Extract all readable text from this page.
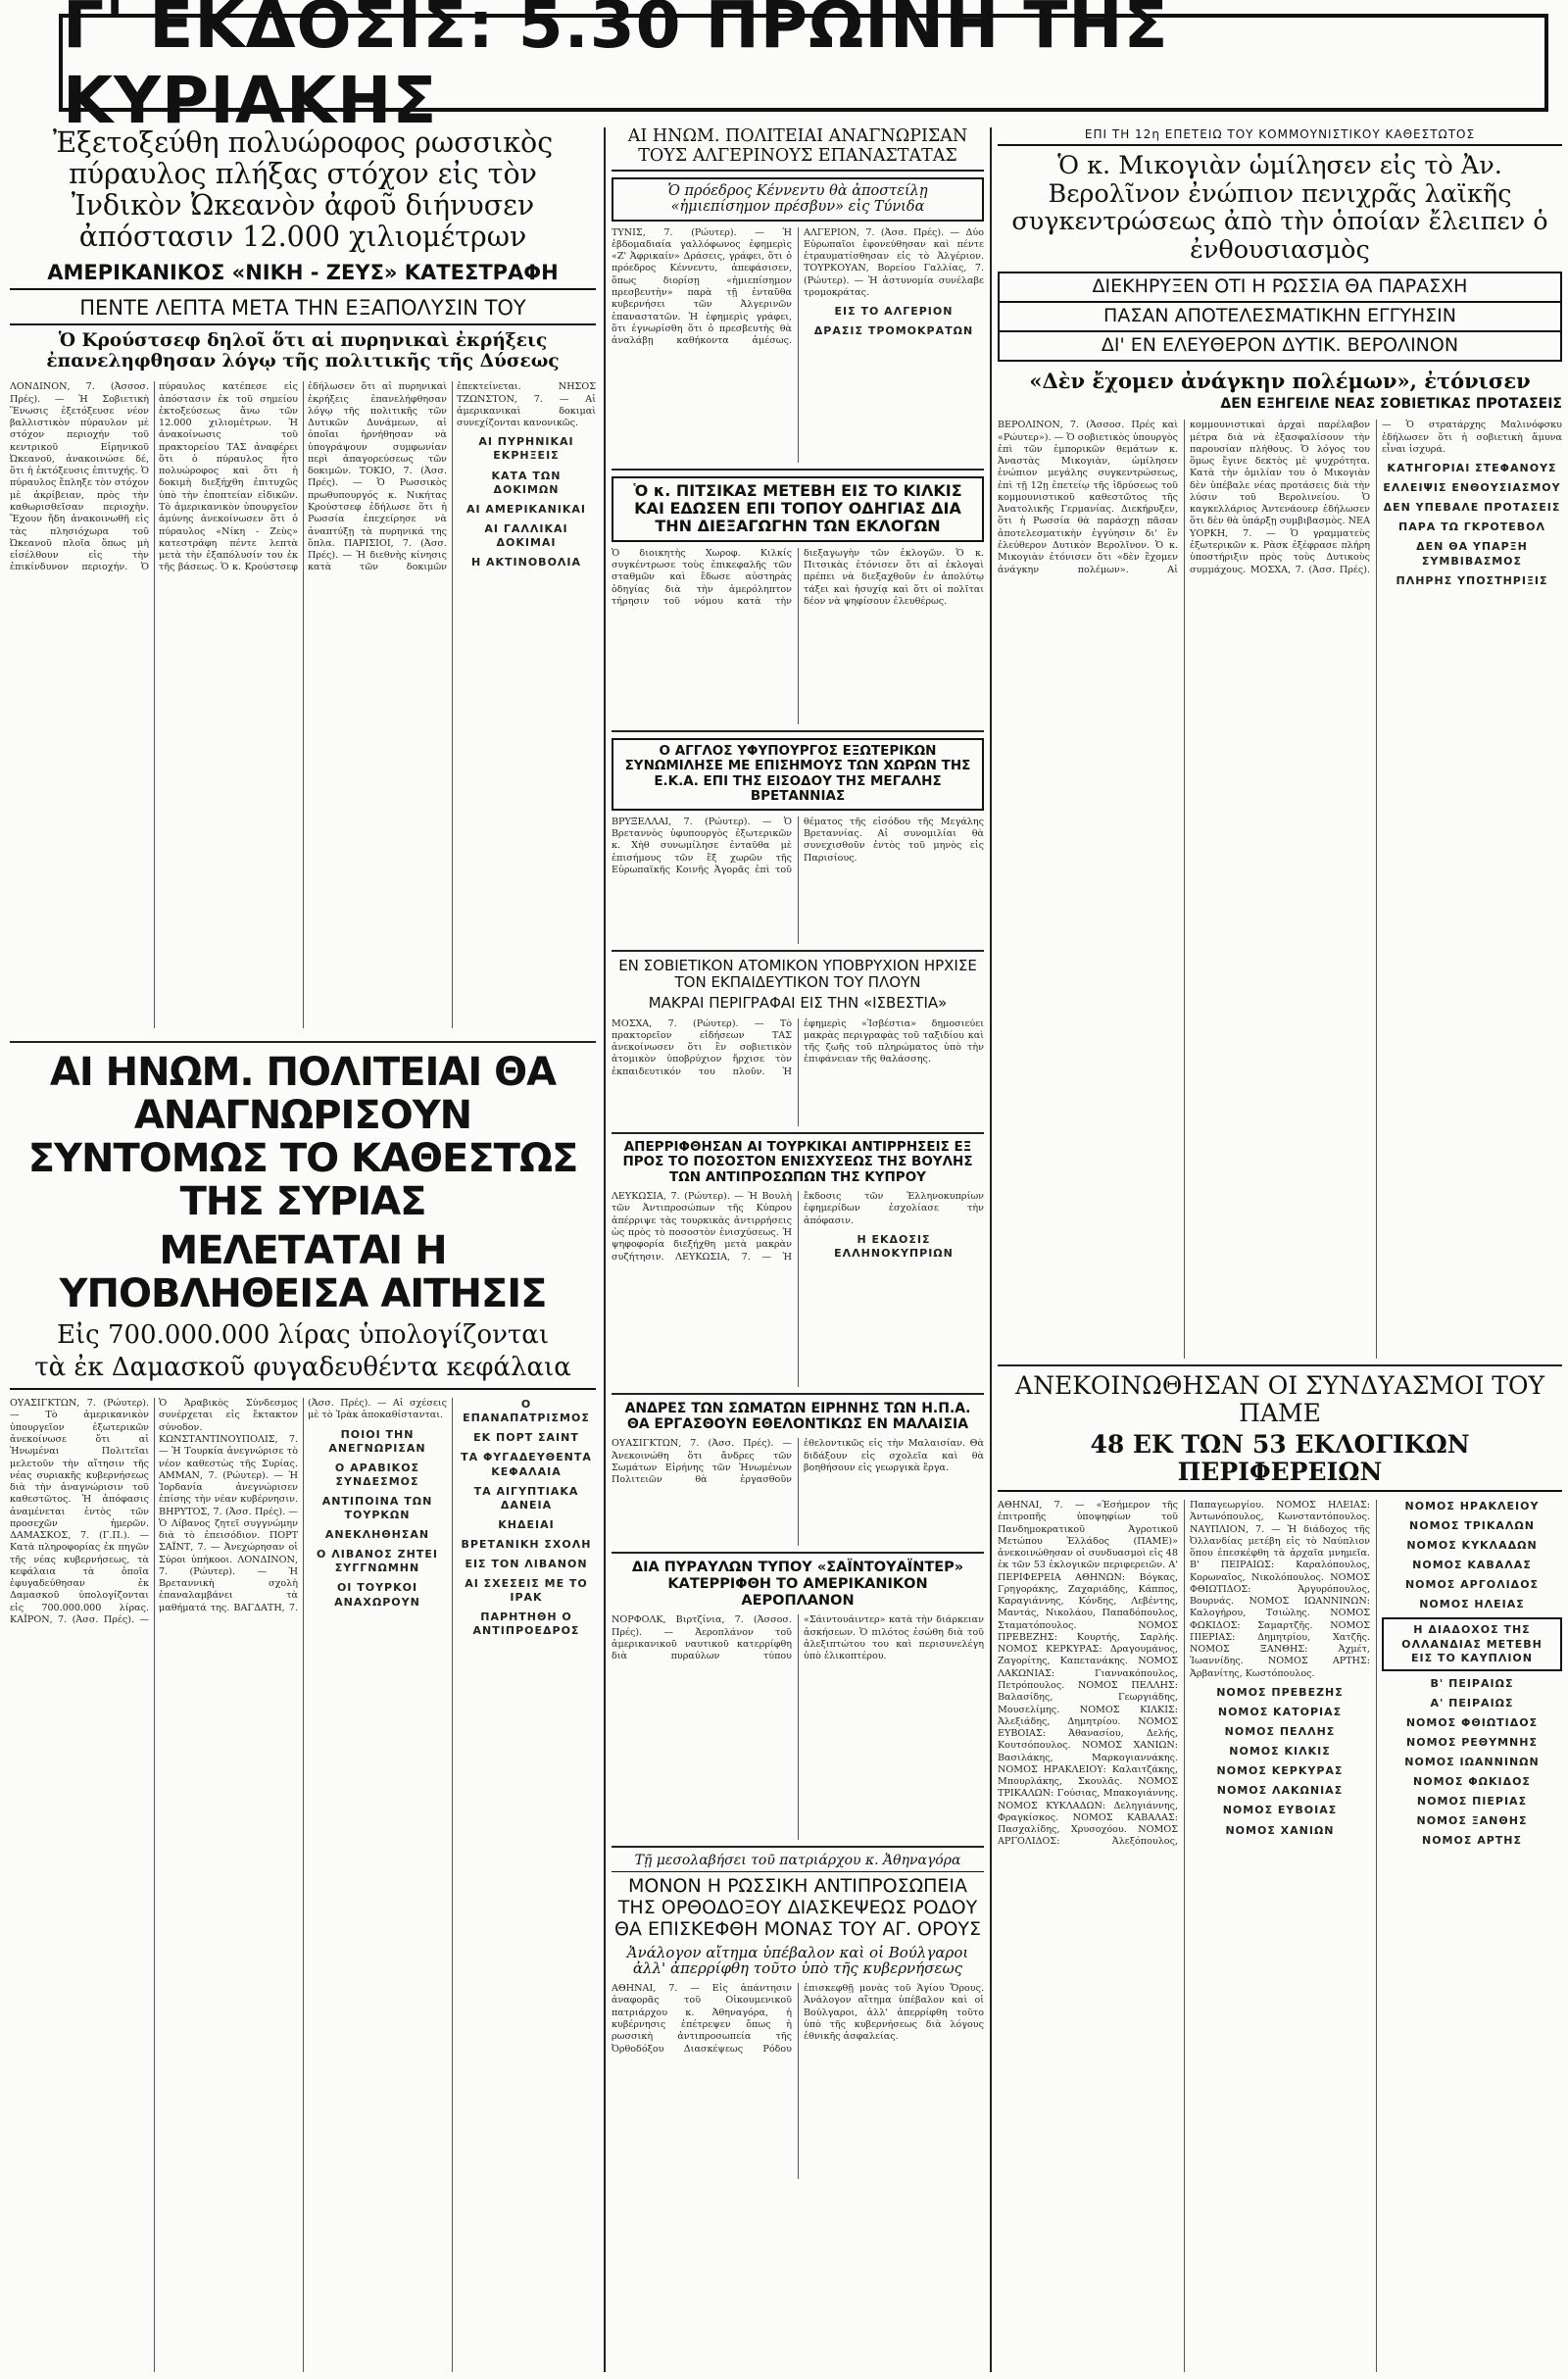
Γ' ΕΚΔΟΣΙΣ: 5.30 ΠΡΩΙΝΗ ΤΗΣ ΚΥΡΙΑΚΗΣ
Ἐξετοξεύθη πολυώροφος ρωσσικὸς πύραυλος πλήξας στόχον εἰς τὸν Ἰνδικὸν Ὠκεανὸν ἀφοῦ διήνυσεν ἀπόστασιν 12.000 χιλιομέτρων
ΑΜΕΡΙΚΑΝΙΚΟΣ «ΝΙΚΗ - ΖΕΥΣ» ΚΑΤΕΣΤΡΑΦΗ
ΠΕΝΤΕ ΛΕΠΤΑ ΜΕΤΑ ΤΗΝ ΕΞΑΠΟΛΥΣΙΝ ΤΟΥ
Ὁ Κρούστσεφ δηλοῖ ὅτι αἱ πυρηνικαὶ ἐκρήξεις ἐπανεληφθησαν λόγῳ τῆς πολιτικῆς τῆς Δύσεως

ΛΟΝΔΙΝΟΝ, 7. (Ἀσσοσ. Πρές). — Ἡ Σοβιετικὴ Ἕνωσις ἐξετόξευσε νέον βαλλιστικὸν πύραυλον μὲ στόχον περιοχήν τοῦ κεντρικοῦ Εἰρηνικοῦ Ὠκεανοῦ, ἀνακοινώσε δέ, ὅτι ἡ ἐκτόξευσις ἐπιτυχής. Ὁ πύραυλος ἔπληξε τὸν στόχον μὲ ἀκρίβειαν, πρὸς τὴν καθωρισθεῖσαν περιοχὴν. Ἔχουν ἤδη ἀνακοινωθῆ εἰς τὰς πλησιόχωρα τοῦ Ὠκεανοῦ πλοῖα ὅπως μὴ εἰσέλθουν εἰς τὴν ἐπικίνδυνον περιοχήν. Ὁ πύραυλος κατέπεσε εἰς ἀπόστασιν ἐκ τοῦ σημείου ἐκτοξεύσεως ἄνω τῶν 12.000 χιλιομέτρων. Ἡ ἀνακοίνωσις τοῦ πρακτορείου ΤΑΣ ἀναφέρει ὅτι ὁ πύραυλος ἦτο πολυώροφος καὶ ὅτι ἡ δοκιμὴ διεξήχθη ἐπιτυχῶς ὑπὸ τὴν ἐποπτείαν εἰδικῶν. Τὸ ἀμερικανικὸν ὑπουργεῖον ἀμύνης ἀνεκοίνωσεν ὅτι ὁ πύραυλος «Νίκη - Ζεὺς» κατεστράφη πέντε λεπτὰ μετὰ τὴν ἐξαπόλυσίν του ἐκ τῆς βάσεως. Ὁ κ. Κρούστσεφ ἐδήλωσεν ὅτι αἱ πυρηνικαὶ ἐκρήξεις ἐπανελήφθησαν λόγῳ τῆς πολιτικῆς τῶν Δυτικῶν Δυνάμεων, αἱ ὁποῖαι ἠρνήθησαν νὰ ὑπογράψουν συμφωνίαν περὶ ἀπαγορεύσεως τῶν δοκιμῶν. ΤΟΚΙΟ, 7. (Ἀσσ. Πρές). — Ὁ Ρωσσικὸς πρωθυπουργός κ. Νικήτας Κρούστσεφ ἐδήλωσε ὅτι ἡ Ρωσσία ἐπεχείρησε νὰ ἀναπτύξῃ τὰ πυρηνικά της ὅπλα. ΠΑΡΙΣΙΟΙ, 7. (Ἀσσ. Πρές). — Ἡ διεθνὴς κίνησις κατὰ τῶν δοκιμῶν ἐπεκτείνεται. ΝΗΣΟΣ ΤΖΩΝΣΤΟΝ, 7. — Αἱ ἀμερικανικαὶ δοκιμαὶ συνεχίζονται κανονικῶς.

ΑΙ ΠΥΡΗΝΙΚΑΙ ΕΚΡΗΞΕΙΣ
ΚΑΤΑ ΤΩΝ ΔΟΚΙΜΩΝ
ΑΙ ΑΜΕΡΙΚΑΝΙΚΑΙ
ΑΙ ΓΑΛΛΙΚΑΙ ΔΟΚΙΜΑΙ
Η ΑΚΤΙΝΟΒΟΛΙΑ
ΑΙ ΗΝΩΜ. ΠΟΛΙΤΕΙΑΙ ΘΑ ΑΝΑΓΝΩΡΙΣΟΥΝ ΣΥΝΤΟΜΩΣ ΤΟ ΚΑΘΕΣΤΩΣ ΤΗΣ ΣΥΡΙΑΣ
ΜΕΛΕΤΑΤΑΙ Η ΥΠΟΒΛΗΘΕΙΣΑ ΑΙΤΗΣΙΣ
Εἰς 700.000.000 λίρας ὑπολογίζονται
τὰ ἐκ Δαμασκοῦ φυγαδευθέντα κεφάλαια

ΟΥΑΣΙΓΚΤΩΝ, 7. (Ρώυτερ). — Τὸ ἀμερικανικὸν ὑπουργεῖον ἐξωτερικῶν ἀνεκοίνωσε ὅτι αἱ Ἡνωμέναι Πολιτεῖαι μελετοῦν τὴν αἴτησιν τῆς νέας συριακῆς κυβερνήσεως διὰ τὴν ἀναγνώρισιν τοῦ καθεστῶτος. Ἡ ἀπόφασις ἀναμένεται ἐντὸς τῶν προσεχῶν ἡμερῶν. ΔΑΜΑΣΚΟΣ, 7. (Γ.Π.). — Κατὰ πληροφορίας ἐκ πηγῶν τῆς νέας κυβερνήσεως, τὰ κεφάλαια τὰ ὁποῖα ἐφυγαδεύθησαν ἐκ Δαμασκοῦ ὑπολογίζονται εἰς 700.000.000 λίρας. ΚΑΪΡΟΝ, 7. (Ἀσσ. Πρές). — Ὁ Ἀραβικὸς Σύνδεσμος συνέρχεται εἰς ἔκτακτον σύνοδον. ΚΩΝΣΤΑΝΤΙΝΟΥΠΟΛΙΣ, 7. — Ἡ Τουρκία ἀνεγνώρισε τὸ νέον καθεστὼς τῆς Συρίας. ΑΜΜΑΝ, 7. (Ρώυτερ). — Ἡ Ἰορδανία ἀνεγνώρισεν ἐπίσης τὴν νέαν κυβέρνησιν. ΒΗΡΥΤΟΣ, 7. (Ἀσσ. Πρές). — Ὁ Λίβανος ζητεῖ συγγνώμην διὰ τὸ ἐπεισόδιον. ΠΟΡΤ ΣΑΪΝΤ, 7. — Ἀνεχώρησαν οἱ Σύροι ὑπήκοοι. ΛΟΝΔΙΝΟΝ, 7. (Ρώυτερ). — Ἡ Βρεταννικὴ σχολὴ ἐπαναλαμβάνει τὰ μαθήματά της. ΒΑΓΔΑΤΗ, 7. (Ἀσσ. Πρές). — Αἱ σχέσεις μὲ τὸ Ἰρὰκ ἀποκαθίστανται.

ΠΟΙΟΙ ΤΗΝ ΑΝΕΓΝΩΡΙΣΑΝ
Ο ΑΡΑΒΙΚΟΣ ΣΥΝΔΕΣΜΟΣ
ΑΝΤΙΠΟΙΝΑ ΤΩΝ ΤΟΥΡΚΩΝ
ΑΝΕΚΛΗΘΗΣΑΝ
Ο ΛΙΒΑΝΟΣ ΖΗΤΕΙ ΣΥΓΓΝΩΜΗΝ
ΟΙ ΤΟΥΡΚΟΙ ΑΝΑΧΩΡΟΥΝ
Ο ΕΠΑΝΑΠΑΤΡΙΣΜΟΣ
ΕΚ ΠΟΡΤ ΣΑΙΝΤ
ΤΑ ΦΥΓΑΔΕΥΘΕΝΤΑ ΚΕΦΑΛΑΙΑ
ΤΑ ΑΙΓΥΠΤΙΑΚΑ ΔΑΝΕΙΑ
ΚΗΔΕΙΑΙ
ΒΡΕΤΑΝΙΚΗ ΣΧΟΛΗ
ΕΙΣ ΤΟΝ ΛΙΒΑΝΟΝ
ΑΙ ΣΧΕΣΕΙΣ ΜΕ ΤΟ ΙΡΑΚ
ΠΑΡΗΤΗΘΗ Ο ΑΝΤΙΠΡΟΕΔΡΟΣ
ΑΙ ΗΝΩΜ. ΠΟΛΙΤΕΙΑΙ ΑΝΑΓΝΩΡΙΣΑΝ ΤΟΥΣ ΑΛΓΕΡΙΝΟΥΣ ΕΠΑΝΑΣΤΑΤΑΣ
Ὁ πρόεδρος Κέννεντυ θὰ ἀποστείλῃ «ἡμιεπίσημον πρέσβυν» εἰς Τύνιδα

ΤΥΝΙΣ, 7. (Ρώυτερ). — Ἡ ἑβδομαδιαία γαλλόφωνος ἐφημερὶς «Ζ' Ἀφρικαίν» Δράσεις, γράφει, ὅτι ὁ πρόεδρος Κέννεντυ, ἀπεφάσισεν, ὅπως διορίσῃ «ἡμιεπίσημον πρεσβευτὴν» παρὰ τῇ ἐνταῦθα κυβερνήσει τῶν Ἀλγερινῶν ἐπαναστατῶν. Ἡ ἐφημερὶς γράφει, ὅτι ἐγνωρίσθη ὅτι ὁ πρεσβευτὴς θὰ ἀναλάβῃ καθήκοντα ἀμέσως. ΑΛΓΕΡΙΟΝ, 7. (Ἀσσ. Πρές). — Δύο Εὐρωπαῖοι ἐφονεύθησαν καὶ πέντε ἐτραυματίσθησαν εἰς τὸ Ἀλγέριον. ΤΟΥΡΚΟΥΑΝ, Βορείου Γαλλίας, 7. (Ρώυτερ). — Ἡ ἀστυνομία συνέλαβε τρομοκράτας.

ΕΙΣ ΤΟ ΑΛΓΕΡΙΟΝ
ΔΡΑΣΙΣ ΤΡΟΜΟΚΡΑΤΩΝ
Ὁ κ. ΠΙΤΣΙΚΑΣ ΜΕΤΕΒΗ ΕΙΣ ΤΟ ΚΙΛΚΙΣ ΚΑΙ ΕΔΩΣΕΝ ΕΠΙ ΤΟΠΟΥ ΟΔΗΓΙΑΣ ΔΙΑ ΤΗΝ ΔΙΕΞΑΓΩΓΗΝ ΤΩΝ ΕΚΛΟΓΩΝ

Ὁ διοικητὴς Χωροφ. Κιλκίς συγκέντρωσε τοὺς ἐπικεφαλῆς τῶν σταθμῶν καὶ ἔδωσε αὐστηρὰς ὁδηγίας διὰ τὴν ἀμερόληπτον τήρησιν τοῦ νόμου κατὰ τὴν διεξαγωγὴν τῶν ἐκλογῶν. Ὁ κ. Πιτσικὰς ἐτόνισεν ὅτι αἱ ἐκλογαὶ πρέπει νὰ διεξαχθοῦν ἐν ἀπολύτῳ τάξει καὶ ἡσυχίᾳ καὶ ὅτι οἱ πολῖται δέον νὰ ψηφίσουν ἐλευθέρως.

Ο ΑΓΓΛΟΣ ΥΦΥΠΟΥΡΓΟΣ ΕΞΩΤΕΡΙΚΩΝ ΣΥΝΩΜΙΛΗΣΕ ΜΕ ΕΠΙΣΗΜΟΥΣ ΤΩΝ ΧΩΡΩΝ ΤΗΣ Ε.Κ.Α. ΕΠΙ ΤΗΣ ΕΙΣΟΔΟΥ ΤΗΣ ΜΕΓΑΛΗΣ ΒΡΕΤΑΝΝΙΑΣ

ΒΡΥΞΕΛΛΑΙ, 7. (Ρώυτερ). — Ὁ Βρεταννὸς ὑφυπουργὸς ἐξωτερικῶν κ. Χὴθ συνωμίλησε ἐνταῦθα μὲ ἐπισήμους τῶν ἕξ χωρῶν τῆς Εὐρωπαϊκῆς Κοινῆς Ἀγορᾶς ἐπὶ τοῦ θέματος τῆς εἰσόδου τῆς Μεγάλης Βρεταννίας. Αἱ συνομιλίαι θὰ συνεχισθοῦν ἐντὸς τοῦ μηνὸς εἰς Παρισίους.

ΕΝ ΣΟΒΙΕΤΙΚΟΝ ΑΤΟΜΙΚΟΝ ΥΠΟΒΡΥΧΙΟΝ ΗΡΧΙΣΕ ΤΟΝ ΕΚΠΑΙΔΕΥΤΙΚΟΝ ΤΟΥ ΠΛΟΥΝ
ΜΑΚΡΑΙ ΠΕΡΙΓΡΑΦΑΙ ΕΙΣ ΤΗΝ «ΙΣΒΕΣΤΙΑ»

ΜΟΣΧΑ, 7. (Ρώυτερ). — Τὸ πρακτορεῖον εἰδήσεων ΤΑΣ ἀνεκοίνωσεν ὅτι ἓν σοβιετικὸν ἀτομικὸν ὑποβρύχιον ἤρχισε τὸν ἐκπαιδευτικόν του πλοῦν. Ἡ ἐφημερὶς «Ἰσβέστια» δημοσιεύει μακρὰς περιγραφὰς τοῦ ταξιδίου καὶ τῆς ζωῆς τοῦ πληρώματος ὑπὸ τὴν ἐπιφάνειαν τῆς θαλάσσης.

ΑΠΕΡΡΙΦΘΗΣΑΝ ΑΙ ΤΟΥΡΚΙΚΑΙ ΑΝΤΙΡΡΗΣΕΙΣ ΕΞ ΠΡΟΣ ΤΟ ΠΟΣΟΣΤΟΝ ΕΝΙΣΧΥΣΕΩΣ ΤΗΣ ΒΟΥΛΗΣ ΤΩΝ ΑΝΤΙΠΡΟΣΩΠΩΝ ΤΗΣ ΚΥΠΡΟΥ

ΛΕΥΚΩΣΙΑ, 7. (Ρώυτερ). — Ἡ Βουλὴ τῶν Ἀντιπροσώπων τῆς Κύπρου ἀπέρριψε τὰς τουρκικὰς ἀντιρρήσεις ὡς πρὸς τὸ ποσοστὸν ἐνισχύσεως. Ἡ ψηφοφορία διεξήχθη μετὰ μακρὰν συζήτησιν. ΛΕΥΚΩΣΙΑ, 7. — Ἡ ἔκδοσις τῶν Ἑλληνοκυπρίων ἐφημερίδων ἐσχολίασε τὴν ἀπόφασιν.

Η ΕΚΔΟΣΙΣ ΕΛΛΗΝΟΚΥΠΡΙΩΝ
ΑΝΔΡΕΣ ΤΩΝ ΣΩΜΑΤΩΝ ΕΙΡΗΝΗΣ ΤΩΝ Η.Π.Α. ΘΑ ΕΡΓΑΣΘΟΥΝ ΕΘΕΛΟΝΤΙΚΩΣ ΕΝ ΜΑΛΑΙΣΙΑ

ΟΥΑΣΙΓΚΤΩΝ, 7. (Ἀσσ. Πρές). — Ἀνεκοινώθη ὅτι ἄνδρες τῶν Σωμάτων Εἰρήνης τῶν Ἡνωμένων Πολιτειῶν θὰ ἐργασθοῦν ἐθελοντικῶς εἰς τὴν Μαλαισίαν. Θὰ διδάξουν εἰς σχολεῖα καὶ θὰ βοηθήσουν εἰς γεωργικὰ ἔργα.

ΔΙΑ ΠΥΡΑΥΛΩΝ ΤΥΠΟΥ «ΣΑΪΝΤΟΥΑΪΝΤΕΡ» ΚΑΤΕΡΡΙΦΘΗ ΤΟ ΑΜΕΡΙΚΑΝΙΚΟΝ ΑΕΡΟΠΛΑΝΟΝ

ΝΟΡΦΟΛΚ, Βιρτζίνια, 7. (Ἀσσοσ. Πρές). — Ἀεροπλάνον τοῦ ἀμερικανικοῦ ναυτικοῦ κατερρίφθη διὰ πυραύλων τύπου «Σάιντουάιντερ» κατὰ τὴν διάρκειαν ἀσκήσεων. Ὁ πιλότος ἐσώθη διὰ τοῦ ἀλεξιπτώτου του καὶ περισυνελέγη ὑπὸ ἑλικοπτέρου.

Τῇ μεσολαβήσει τοῦ πατριάρχου κ. Ἀθηναγόρα
ΜΟΝΟΝ Η ΡΩΣΣΙΚΗ ΑΝΤΙΠΡΟΣΩΠΕΙΑ ΤΗΣ ΟΡΘΟΔΟΞΟΥ ΔΙΑΣΚΕΨΕΩΣ ΡΟΔΟΥ ΘΑ ΕΠΙΣΚΕΦΘΗ ΜΟΝΑΣ ΤΟΥ ΑΓ. ΟΡΟΥΣ
Ἀνάλογον αἴτημα ὑπέβαλον καὶ οἱ Βούλγαροι ἀλλ' ἀπερρίφθη τοῦτο ὑπὸ τῆς κυβερνήσεως

ΑΘΗΝΑΙ, 7. — Εἰς ἀπάντησιν ἀναφορᾶς τοῦ Οἰκουμενικοῦ πατριάρχου κ. Ἀθηναγόρα, ἡ κυβέρνησις ἐπέτρεψεν ὅπως ἡ ρωσσικὴ ἀντιπροσωπεία τῆς Ὀρθοδόξου Διασκέψεως Ρόδου ἐπισκεφθῇ μονὰς τοῦ Ἁγίου Ὄρους. Ἀνάλογον αἴτημα ὑπέβαλον καὶ οἱ Βούλγαροι, ἀλλ' ἀπερρίφθη τοῦτο ὑπὸ τῆς κυβερνήσεως διὰ λόγους ἐθνικῆς ἀσφαλείας.

ΕΠΙ ΤΗ 12η ΕΠΕΤΕΙΩ ΤΟΥ ΚΟΜΜΟΥΝΙΣΤΙΚΟΥ ΚΑΘΕΣΤΩΤΟΣ
Ὁ κ. Μικογιὰν ὡμίλησεν εἰς τὸ Ἀν. Βερολῖνον ἐνώπιον πενιχρᾶς λαϊκῆς συγκεντρώσεως ἀπὸ τὴν ὁποίαν ἔλειπεν ὁ ἐνθουσιασμὸς
ΔΙΕΚΗΡΥΞΕΝ ΟΤΙ Η ΡΩΣΣΙΑ ΘΑ ΠΑΡΑΣΧΗ
ΠΑΣΑΝ ΑΠΟΤΕΛΕΣΜΑΤΙΚΗΝ ΕΓΓΥΗΣΙΝ
ΔΙ' ΕΝ ΕΛΕΥΘΕΡΟΝ ΔΥΤΙΚ. ΒΕΡΟΛΙΝΟΝ
«Δὲν ἔχομεν ἀνάγκην πολέμων», ἐτόνισεν
ΔΕΝ ΕΞΗΓΕΙΛΕ ΝΕΑΣ ΣΟΒΙΕΤΙΚΑΣ ΠΡΟΤΑΣΕΙΣ

ΒΕΡΟΛΙΝΟΝ, 7. (Ἀσσοσ. Πρές καὶ «Ρώυτερ»). — Ὁ σοβιετικὸς ὑπουργὸς ἐπὶ τῶν ἐμπορικῶν θεμάτων κ. Ἀναστὰς Μικογιὰν, ὡμίλησεν ἐνώπιον μεγάλης συγκεντρώσεως, ἐπὶ τῇ 12ῃ ἐπετείῳ τῆς ἱδρύσεως τοῦ κομμουνιστικοῦ καθεστῶτος τῆς Ἀνατολικῆς Γερμανίας. Διεκήρυξεν, ὅτι ἡ Ρωσσία θὰ παράσχῃ πᾶσαν ἀποτελεσματικὴν ἐγγύησιν δι' ἓν ἐλεύθερον Δυτικὸν Βερολῖνον. Ὁ κ. Μικογιὰν ἐτόνισεν ὅτι «δὲν ἔχομεν ἀνάγκην πολέμων». Αἱ κομμουνιστικαὶ ἀρχαὶ παρέλαβον μέτρα διὰ νὰ ἐξασφαλίσουν τὴν παρουσίαν πλήθους. Ὁ λόγος του ὅμως ἔγινε δεκτὸς μὲ ψυχρότητα. Κατὰ τὴν ὁμιλίαν του ὁ Μικογιὰν δὲν ὑπέβαλε νέας προτάσεις διὰ τὴν λύσιν τοῦ Βερολινείου. Ὁ καγκελλάριος Ἀντενάουερ ἐδήλωσεν ὅτι δὲν θὰ ὑπάρξῃ συμβιβασμὸς. ΝΕΑ ΥΟΡΚΗ, 7. — Ὁ γραμματεὺς ἐξωτερικῶν κ. Ρὰσκ ἐξέφρασε πλήρη ὑποστήριξιν πρὸς τοὺς Δυτικοὺς συμμάχους. ΜΟΣΧΑ, 7. (Ἀσσ. Πρές). — Ὁ στρατάρχης Μαλινόφσκυ ἐδήλωσεν ὅτι ἡ σοβιετικὴ ἄμυνα εἶναι ἰσχυρά.

ΚΑΤΗΓΟΡΙΑΙ ΣΤΕΦΑΝΟΥΣ
ΕΛΛΕΙΨΙΣ ΕΝΘΟΥΣΙΑΣΜΟΥ
ΔΕΝ ΥΠΕΒΑΛΕ ΠΡΟΤΑΣΕΙΣ
ΠΑΡΑ ΤΩ ΓΚΡΟΤΕΒΟΛ
ΔΕΝ ΘΑ ΥΠΑΡΞΗ ΣΥΜΒΙΒΑΣΜΟΣ
ΠΛΗΡΗΣ ΥΠΟΣΤΗΡΙΞΙΣ
ΑΝΕΚΟΙΝΩΘΗΣΑΝ ΟΙ ΣΥΝΔΥΑΣΜΟΙ ΤΟΥ ΠΑΜΕ
48 ΕΚ ΤΩΝ 53 ΕΚΛΟΓΙΚΩΝ ΠΕΡΙΦΕΡΕΙΩΝ

ΑΘΗΝΑΙ, 7. — «Ἐσήμερον τῆς ἐπιτροπῆς ὑποψηφίων τοῦ Πανδημοκρατικοῦ Ἀγροτικοῦ Μετώπου Ἑλλάδος (ΠΑΜΕ)» ἀνεκοινώθησαν οἱ συνδυασμοὶ εἰς 48 ἐκ τῶν 53 ἐκλογικῶν περιφερειῶν. Α' ΠΕΡΙΦΕΡΕΙΑ ΑΘΗΝΩΝ: Βόγκας, Γρηγοράκης, Ζαχαριάδης, Κάππος, Καραγιάννης, Κόνδης, Λεβέντης, Μαντάς, Νικολάου, Παπαδόπουλος, Σταματόπουλος. ΝΟΜΟΣ ΠΡΕΒΕΖΗΣ: Κουρτής, Σαρλής. ΝΟΜΟΣ ΚΕΡΚΥΡΑΣ: Δραγουμάνος, Ζαγορίτης, Καπετανάκης. ΝΟΜΟΣ ΛΑΚΩΝΙΑΣ: Γιαννακόπουλος, Πετρόπουλος. ΝΟΜΟΣ ΠΕΛΛΗΣ: Βαλασίδης, Γεωργιάδης, Μουσελίμης. ΝΟΜΟΣ ΚΙΛΚΙΣ: Ἀλεξιάδης, Δημητρίου. ΝΟΜΟΣ ΕΥΒΟΙΑΣ: Ἀθανασίου, Δελής, Κουτσόπουλος. ΝΟΜΟΣ ΧΑΝΙΩΝ: Βασιλάκης, Μαρκογιαννάκης. ΝΟΜΟΣ ΗΡΑΚΛΕΙΟΥ: Καλαιτζάκης, Μπουρλάκης, Σκουλᾶς. ΝΟΜΟΣ ΤΡΙΚΑΛΩΝ: Γούσιας, Μπακογιάννης. ΝΟΜΟΣ ΚΥΚΛΑΔΩΝ: Δεληγιάννης, Φραγκίσκος. ΝΟΜΟΣ ΚΑΒΑΛΑΣ: Πασχαλίδης, Χρυσοχόου. ΝΟΜΟΣ ΑΡΓΟΛΙΔΟΣ: Ἀλεξόπουλος, Παπαγεωργίου. ΝΟΜΟΣ ΗΛΕΙΑΣ: Ἀντωνόπουλος, Κωνσταντόπουλος. ΝΑΥΠΛΙΟΝ, 7. — Ἡ διάδοχος τῆς Ὀλλανδίας μετέβη εἰς τὸ Ναύπλιον ὅπου ἐπεσκέφθη τὰ ἀρχαῖα μνημεῖα. Β' ΠΕΙΡΑΙΩΣ: Καραλόπουλος, Κορωναῖος, Νικολόπουλος. ΝΟΜΟΣ ΦΘΙΩΤΙΔΟΣ: Ἀργυρόπουλος, Βουρνάς. ΝΟΜΟΣ ΙΩΑΝΝΙΝΩΝ: Καλογήρου, Τσιώλης. ΝΟΜΟΣ ΦΩΚΙΔΟΣ: Σαμαρτζῆς. ΝΟΜΟΣ ΠΙΕΡΙΑΣ: Δημητρίου, Χατζῆς. ΝΟΜΟΣ ΞΑΝΘΗΣ: Ἀχμέτ, Ἰωαννίδης. ΝΟΜΟΣ ΑΡΤΗΣ: Ἀρβανίτης, Κωστόπουλος.

ΝΟΜΟΣ ΠΡΕΒΕΖΗΣ
ΝΟΜΟΣ ΚΑΤΟΡΙΑΣ
ΝΟΜΟΣ ΠΕΛΛΗΣ
ΝΟΜΟΣ ΚΙΛΚΙΣ
ΝΟΜΟΣ ΚΕΡΚΥΡΑΣ
ΝΟΜΟΣ ΛΑΚΩΝΙΑΣ
ΝΟΜΟΣ ΕΥΒΟΙΑΣ
ΝΟΜΟΣ ΧΑΝΙΩΝ
ΝΟΜΟΣ ΗΡΑΚΛΕΙΟΥ
ΝΟΜΟΣ ΤΡΙΚΑΛΩΝ
ΝΟΜΟΣ ΚΥΚΛΑΔΩΝ
ΝΟΜΟΣ ΚΑΒΑΛΑΣ
ΝΟΜΟΣ ΑΡΓΟΛΙΔΟΣ
ΝΟΜΟΣ ΗΛΕΙΑΣ
Η ΔΙΑΔΟΧΟΣ ΤΗΣ ΟΛΛΑΝΔΙΑΣ ΜΕΤΕΒΗ ΕΙΣ ΤΟ ΚΑΥΠΛΙΟΝ
Β' ΠΕΙΡΑΙΩΣ
Α' ΠΕΙΡΑΙΩΣ
ΝΟΜΟΣ ΦΘΙΩΤΙΔΟΣ
ΝΟΜΟΣ ΡΕΘΥΜΝΗΣ
ΝΟΜΟΣ ΙΩΑΝΝΙΝΩΝ
ΝΟΜΟΣ ΦΩΚΙΔΟΣ
ΝΟΜΟΣ ΠΙΕΡΙΑΣ
ΝΟΜΟΣ ΞΑΝΘΗΣ
ΝΟΜΟΣ ΑΡΤΗΣ
